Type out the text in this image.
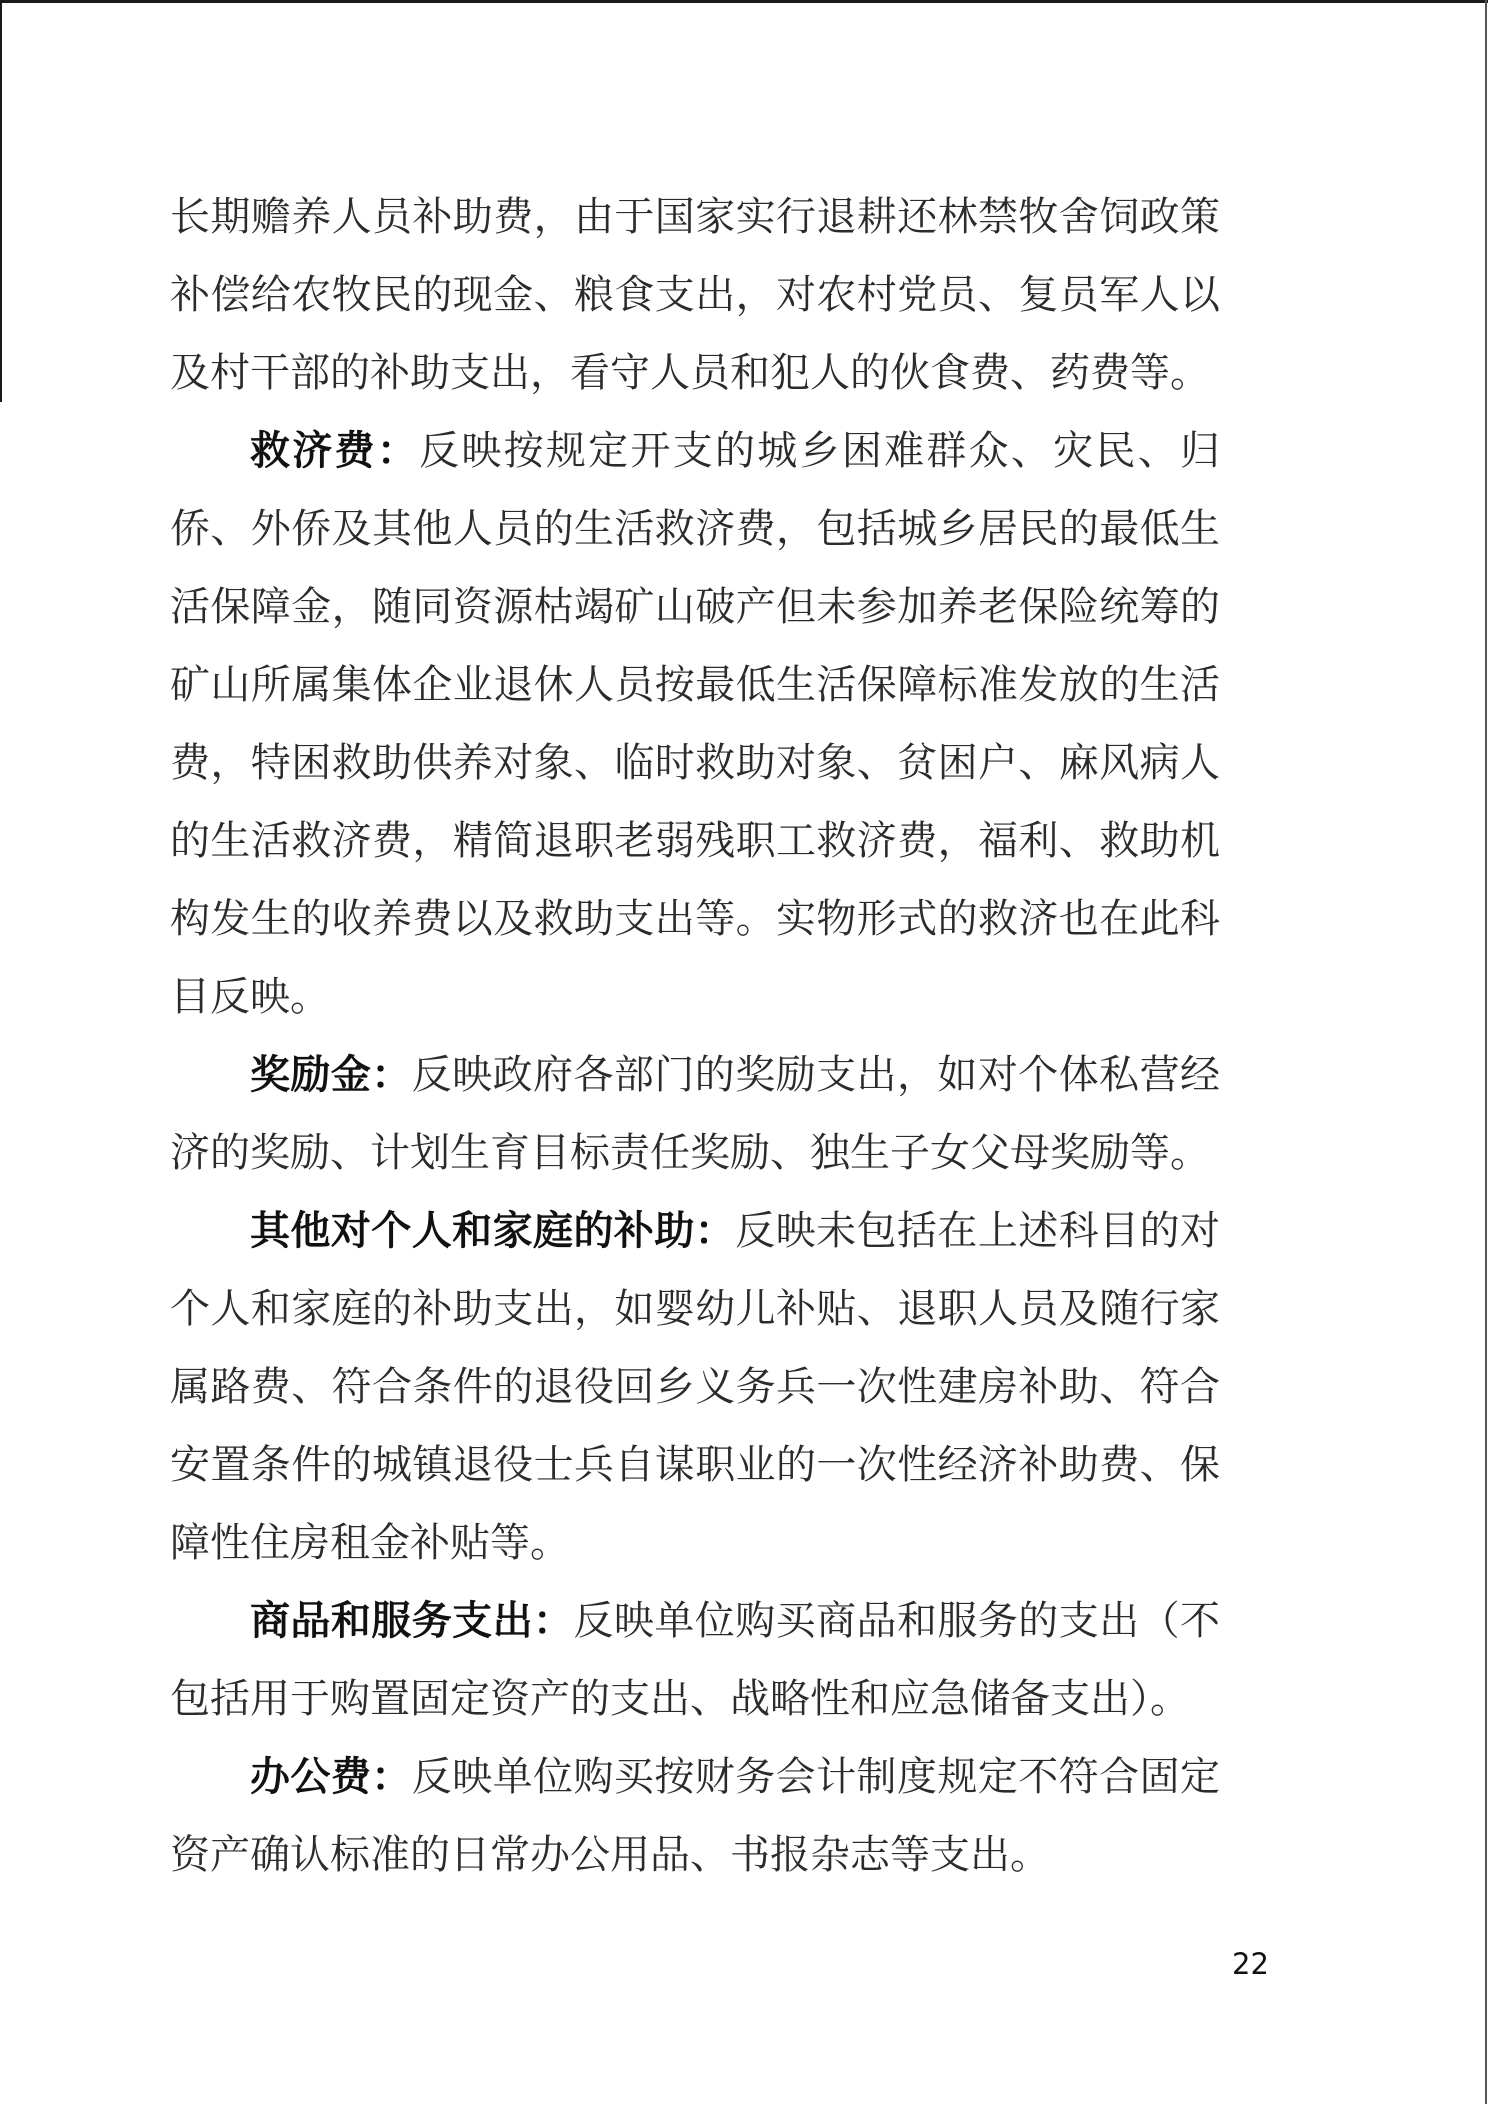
长期赡养人员补助费，由于国家实行退耕还林禁牧舍饲政策补偿给农牧民的现金、粮食支出，对农村党员、复员军人以及村干部的补助支出，看守人员和犯人的伙食费、药费等。

救济费：反映按规定开支的城乡困难群众、灾民、归侨、外侨及其他人员的生活救济费，包括城乡居民的最低生活保障金，随同资源枯竭矿山破产但未参加养老保险统筹的矿山所属集体企业退休人员按最低生活保障标准发放的生活费，特困救助供养对象、临时救助对象、贫困户、麻风病人的生活救济费，精简退职老弱残职工救济费，福利、救助机构发生的收养费以及救助支出等。实物形式的救济也在此科目反映。

奖励金：反映政府各部门的奖励支出，如对个体私营经济的奖励、计划生育目标责任奖励、独生子女父母奖励等。

其他对个人和家庭的补助：反映未包括在上述科目的对个人和家庭的补助支出，如婴幼儿补贴、退职人员及随行家属路费、符合条件的退役回乡义务兵一次性建房补助、符合安置条件的城镇退役士兵自谋职业的一次性经济补助费、保障性住房租金补贴等。

商品和服务支出：反映单位购买商品和服务的支出（不包括用于购置固定资产的支出、战略性和应急储备支出）。

办公费：反映单位购买按财务会计制度规定不符合固定资产确认标准的日常办公用品、书报杂志等支出。

22
